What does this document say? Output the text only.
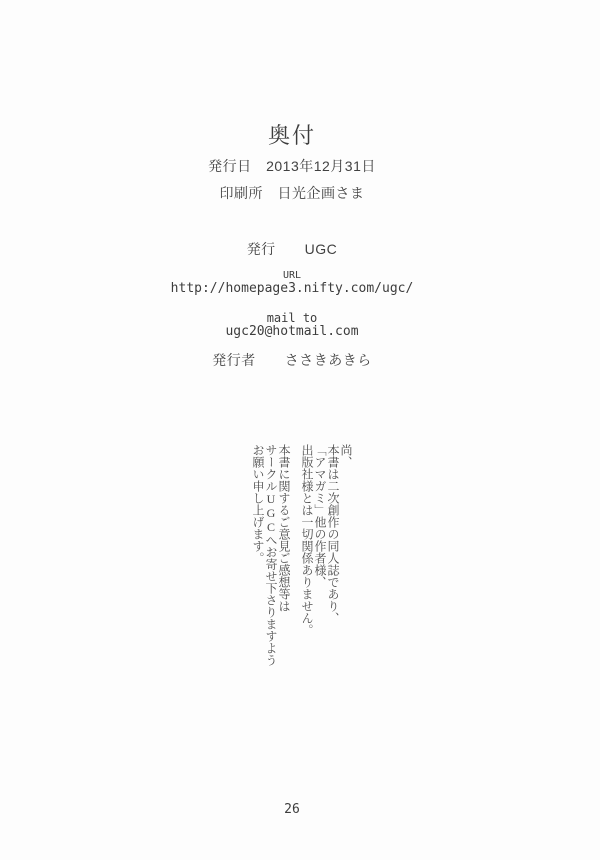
奥付
発行日　2013年12月31日
印刷所　日光企画さま
発行　　UGC
URL
http://homepage3.nifty.com/ugc/
mail to
ugc20@hotmail.com
発行者　　ささきあきら

尚、

本書は二次創作の同人誌であり、

「アマガミ」他の作者様、

出版社様とは一切関係ありません。

本書に関するご意見ご感想等は

サークルUGCへお寄せ下さりますよう

お願い申し上げます。

26
